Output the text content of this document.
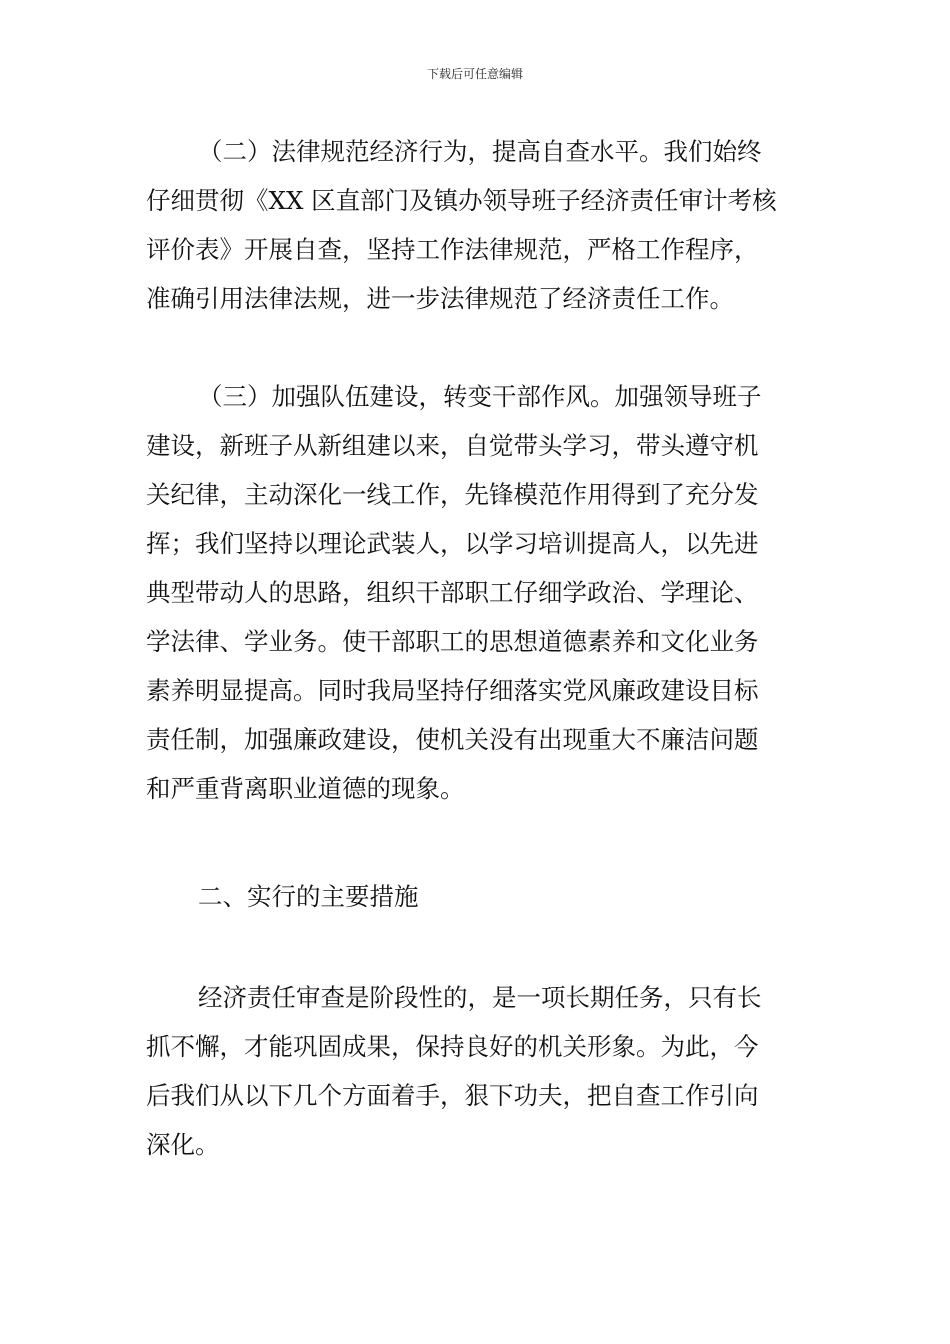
下载后可任意编辑
（二）法律规范经济行为，提高自查水平。我们始终
仔细贯彻《XX 区直部门及镇办领导班子经济责任审计考核
评价表》开展自查，坚持工作法律规范，严格工作程序，
准确引用法律法规，进一步法律规范了经济责任工作。
（三）加强队伍建设，转变干部作风。加强领导班子
建设，新班子从新组建以来，自觉带头学习，带头遵守机
关纪律，主动深化一线工作，先锋模范作用得到了充分发
挥；我们坚持以理论武装人，以学习培训提高人，以先进
典型带动人的思路，组织干部职工仔细学政治、学理论、
学法律、学业务。使干部职工的思想道德素养和文化业务
素养明显提高。同时我局坚持仔细落实党风廉政建设目标
责任制，加强廉政建设，使机关没有出现重大不廉洁问题
和严重背离职业道德的现象。
二、实行的主要措施
经济责任审查是阶段性的，是一项长期任务，只有长
抓不懈，才能巩固成果，保持良好的机关形象。为此，今
后我们从以下几个方面着手，狠下功夫，把自查工作引向
深化。
